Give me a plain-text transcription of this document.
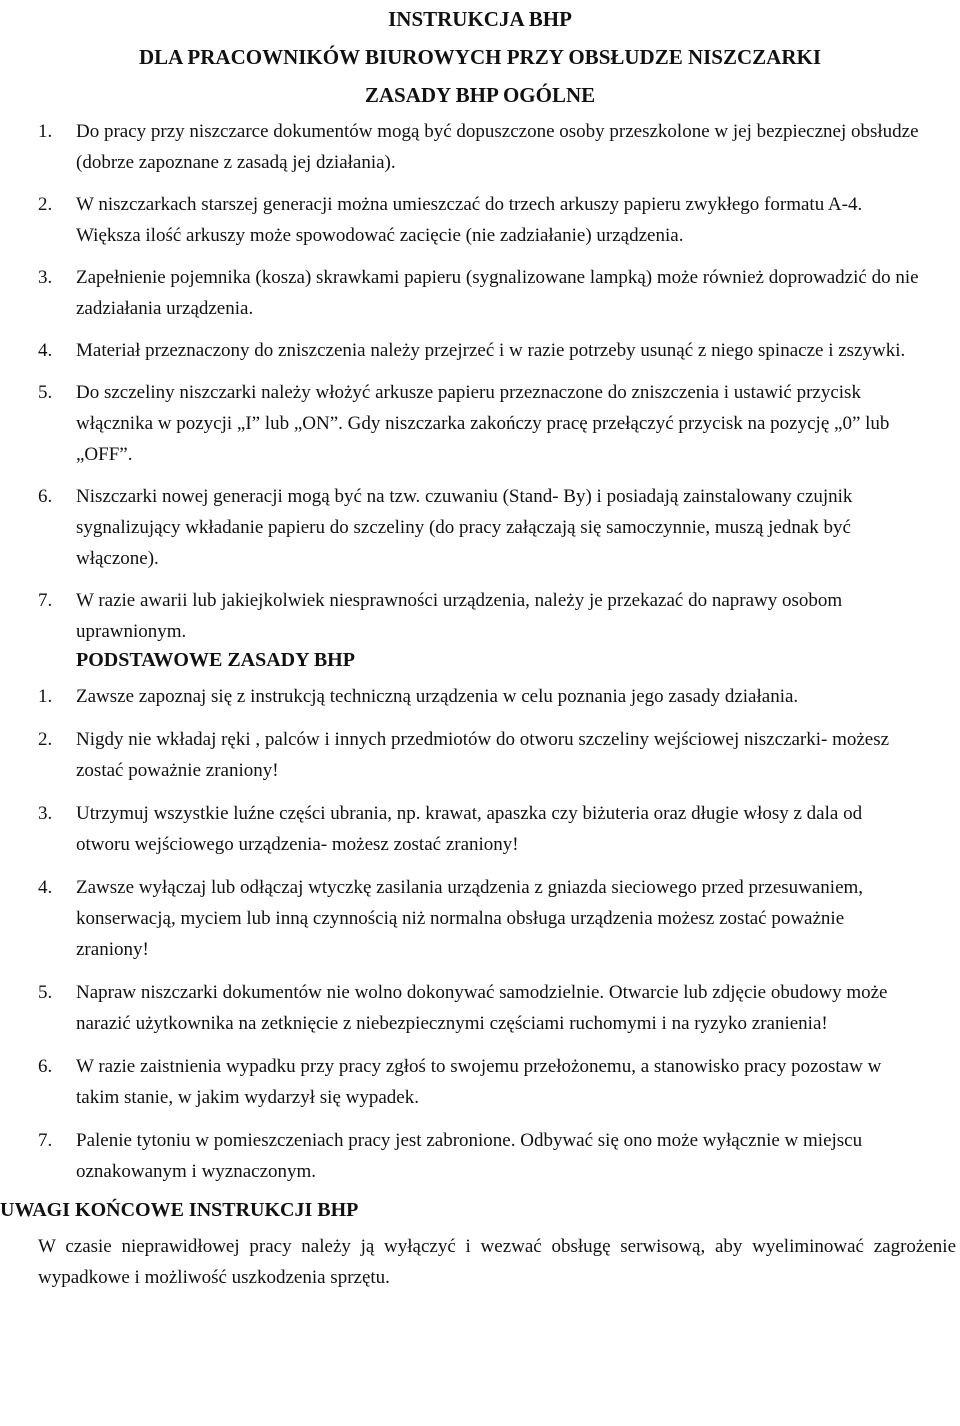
INSTRUKCJA BHP
DLA PRACOWNIKÓW BIUROWYCH PRZY OBSŁUDZE NISZCZARKI
ZASADY BHP OGÓLNE
1. Do pracy przy niszczarce dokumentów mogą być dopuszczone osoby przeszkolone w jej bezpiecznej obsłudze (dobrze zapoznane z zasadą jej działania).
2. W niszczarkach starszej generacji można umieszczać do trzech arkuszy papieru zwykłego formatu A-4. Większa ilość arkuszy może spowodować zacięcie (nie zadziałanie) urządzenia.
3. Zapełnienie pojemnika (kosza) skrawkami papieru (sygnalizowane lampką) może również doprowadzić do nie zadziałania urządzenia.
4. Materiał przeznaczony do zniszczenia należy przejrzeć i w razie potrzeby usunąć z niego spinacze i zszywki.
5. Do szczeliny niszczarki należy włożyć arkusze papieru przeznaczone do zniszczenia i ustawić przycisk włącznika w pozycji „I” lub „ON”. Gdy niszczarka zakończy pracę przełączyć przycisk na pozycję „0” lub „OFF”.
6. Niszczarki nowej generacji mogą być na tzw. czuwaniu (Stand- By) i posiadają zainstalowany czujnik sygnalizujący wkładanie papieru do szczeliny (do pracy załączają się samoczynnie, muszą jednak być włączone).
7. W razie awarii lub jakiejkolwiek niesprawności urządzenia, należy je przekazać do naprawy osobom uprawnionym.
PODSTAWOWE ZASADY BHP
1. Zawsze zapoznaj się z instrukcją techniczną urządzenia w celu poznania jego zasady działania.
2. Nigdy nie wkładaj ręki , palców i innych przedmiotów do otworu szczeliny wejściowej niszczarki- możesz zostać poważnie zraniony!
3. Utrzymuj wszystkie luźne części ubrania, np. krawat, apaszka czy biżuteria oraz długie włosy z dala od otworu wejściowego urządzenia- możesz zostać zraniony!
4. Zawsze wyłączaj lub odłączaj wtyczkę zasilania urządzenia z gniazda sieciowego przed przesuwaniem, konserwacją, myciem lub inną czynnością niż normalna obsługa urządzenia możesz zostać poważnie zraniony!
5. Napraw niszczarki dokumentów nie wolno dokonywać samodzielnie. Otwarcie lub zdjęcie obudowy może narazić użytkownika na zetknięcie z niebezpiecznymi częściami ruchomymi i na ryzyko zranienia!
6. W razie zaistnienia wypadku przy pracy zgłoś to swojemu przełożonemu, a stanowisko pracy pozostaw w takim stanie, w jakim wydarzył się wypadek.
7. Palenie tytoniu w pomieszczeniach pracy jest zabronione. Odbywać się ono może wyłącznie w miejscu oznakowanym i wyznaczonym.
UWAGI KOŃCOWE INSTRUKCJI BHP
W czasie nieprawidłowej pracy należy ją wyłączyć i wezwać obsługę serwisową, aby wyeliminować zagrożenie wypadkowe i możliwość uszkodzenia sprzętu.
